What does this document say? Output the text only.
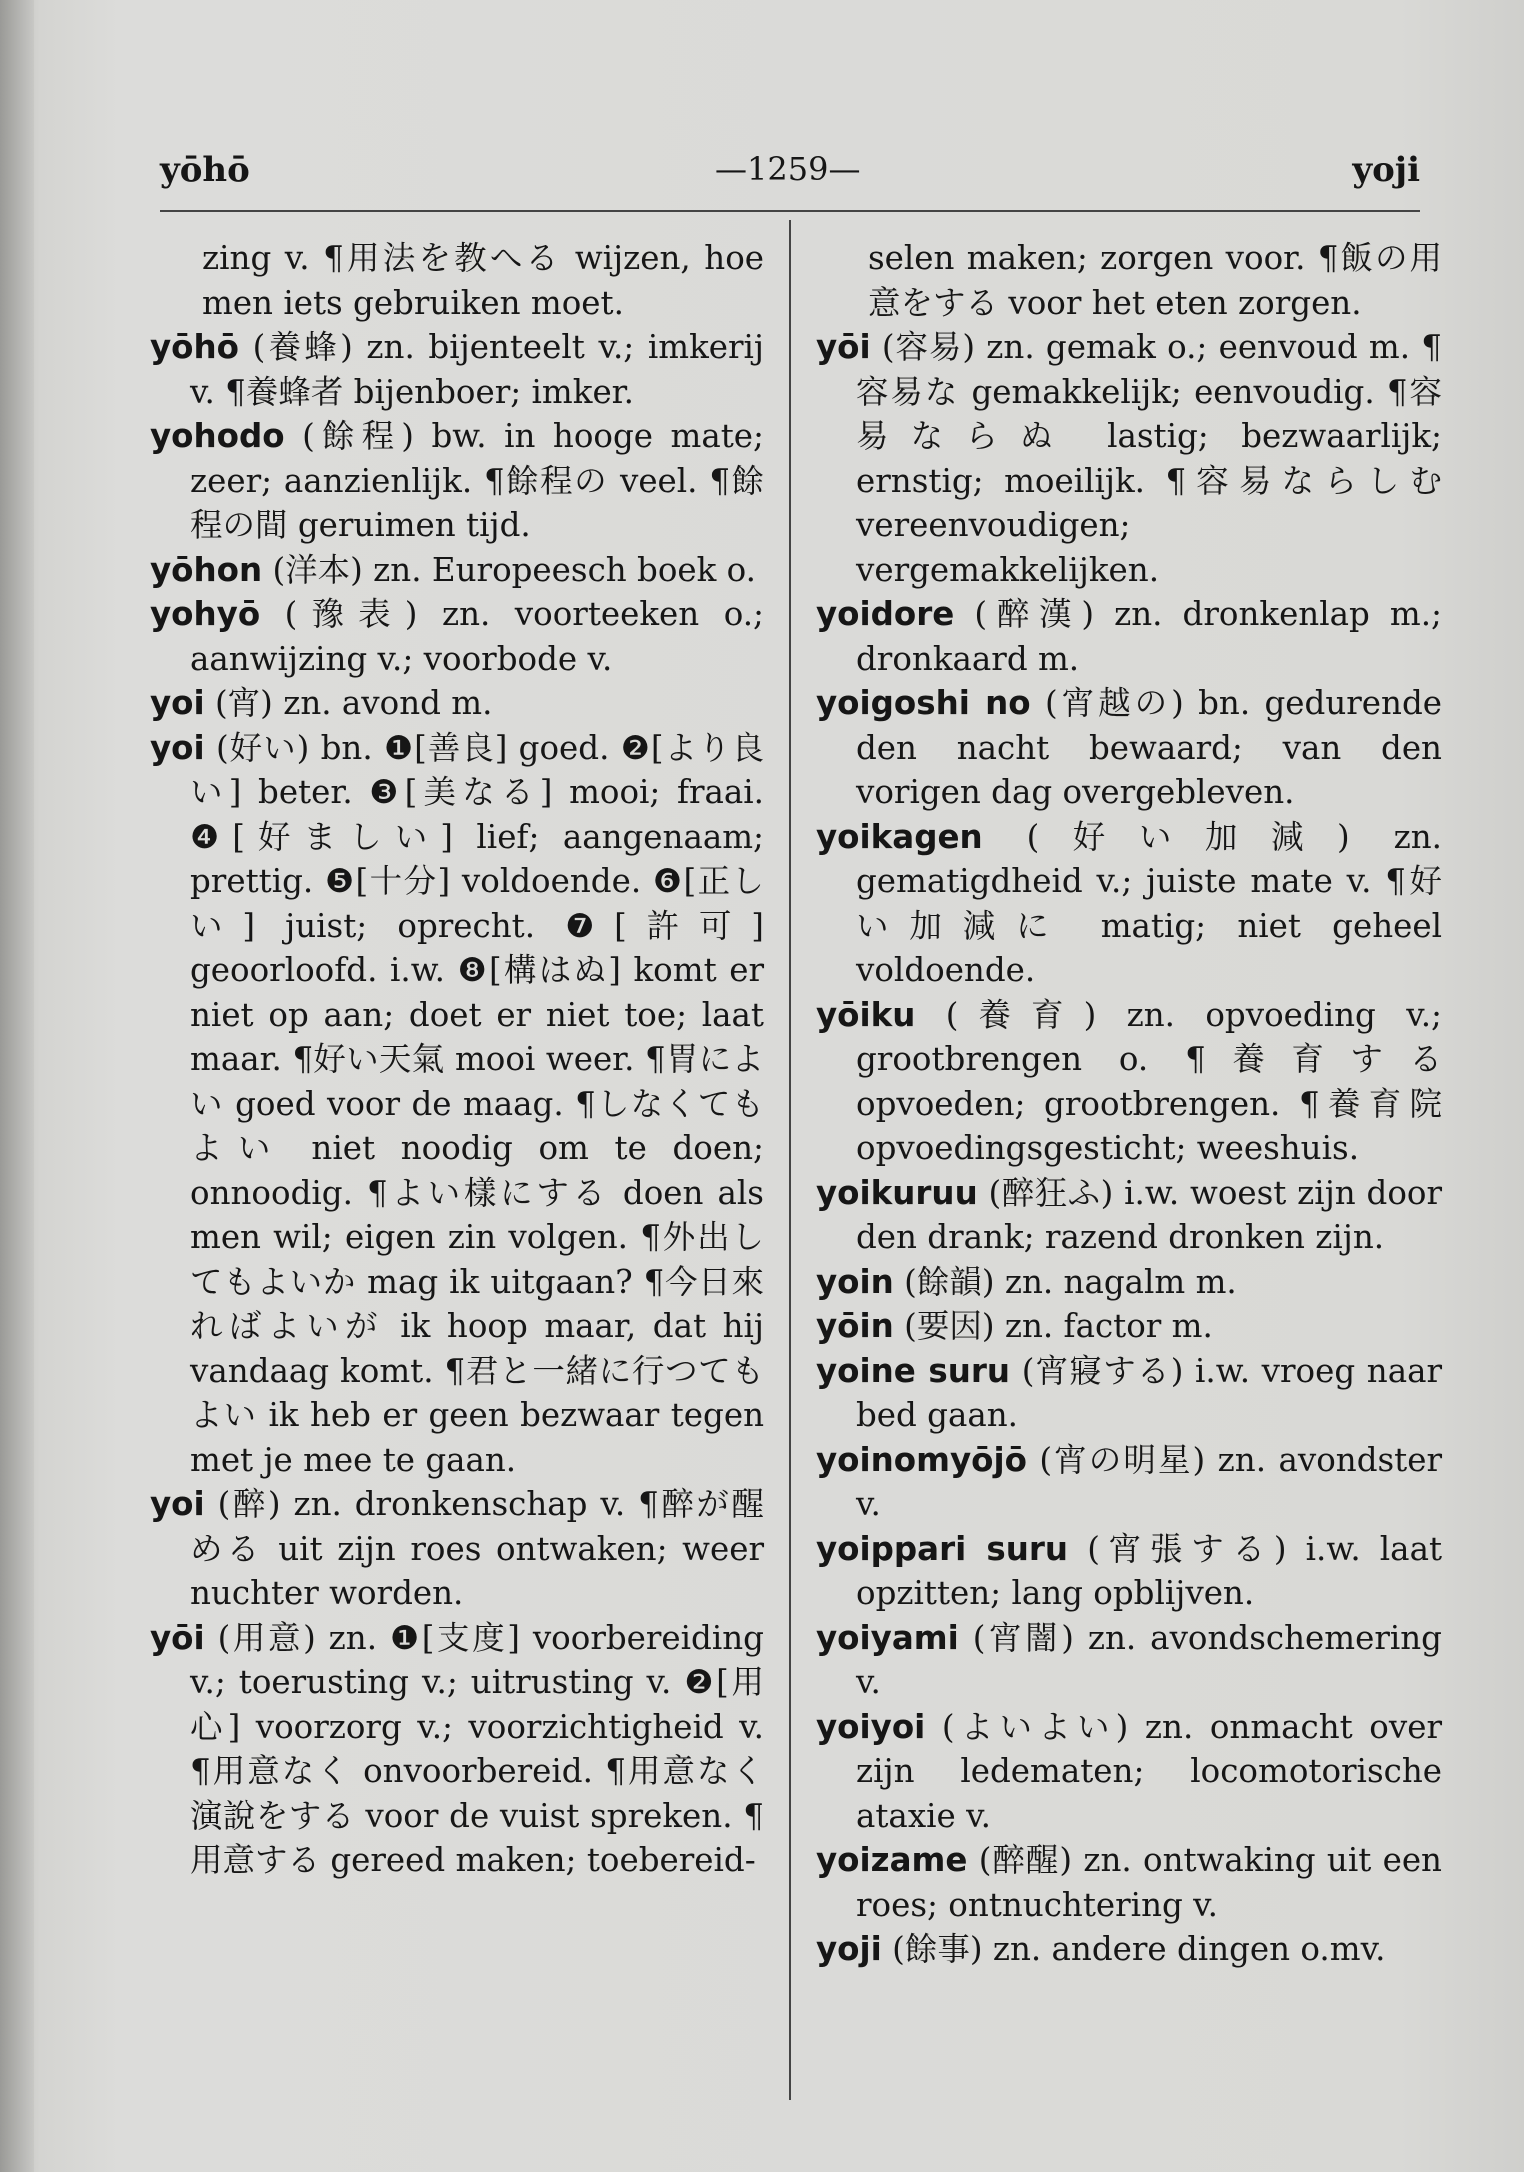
yōhō	—1259—	yoji

zing v. ¶用法を教へる wijzen, hoe men iets gebruiken moet.

yōhō (養蜂) zn. bijenteelt v.; imkerij v. ¶養蜂者 bijenboer; imker.

yohodo (餘程) bw. in hooge mate; zeer; aanzienlijk. ¶餘程の veel. ¶餘程の間 geruimen tijd.

yōhon (洋本) zn. Europeesch boek o.

yohyō (豫表) zn. voorteeken o.; aanwijzing v.; voorbode v.

yoi (宵) zn. avond m.

yoi (好い) bn. ❶[善良] goed. ❷[より良い] beter. ❸[美なる] mooi; fraai. ❹[好ましい] lief; aangenaam; prettig. ❺[十分] voldoende. ❻[正しい] juist; oprecht. ❼[許可] geoorloofd. i.w. ❽[構はぬ] komt er niet op aan; doet er niet toe; laat maar. ¶好い天氣 mooi weer. ¶胃によい goed voor de maag. ¶しなくてもよい niet noodig om te doen; onnoodig. ¶よい樣にする doen als men wil; eigen zin volgen. ¶外出してもよいか mag ik uitgaan? ¶今日來ればよいが ik hoop maar, dat hij vandaag komt. ¶君と一緒に行つてもよい ik heb er geen bezwaar tegen met je mee te gaan.

yoi (醉) zn. dronkenschap v. ¶醉が醒める uit zijn roes ontwaken; weer nuchter worden.

yōi (用意) zn. ❶[支度] voorbereiding v.; toerusting v.; uitrusting v. ❷[用心] voorzorg v.; voorzichtigheid v. ¶用意なく onvoorbereid. ¶用意なく演說をする voor de vuist spreken. ¶用意する gereed maken; toebereid-

selen maken; zorgen voor. ¶飯の用意をする voor het eten zorgen.

yōi (容易) zn. gemak o.; eenvoud m. ¶容易な gemakkelijk; eenvoudig. ¶容易ならぬ lastig; bezwaarlijk; ernstig; moeilijk. ¶容易ならしむ vereenvoudigen; vergemakkelijken.

yoidore (醉漢) zn. dronkenlap m.; dronkaard m.

yoigoshi no (宵越の) bn. gedurende den nacht bewaard; van den vorigen dag overgebleven.

yoikagen (好い加減) zn. gematigdheid v.; juiste mate v. ¶好い加減に matig; niet geheel voldoende.

yōiku (養育) zn. opvoeding v.; grootbrengen o. ¶養育する opvoeden; grootbrengen. ¶養育院 opvoedingsgesticht; weeshuis.

yoikuruu (醉狂ふ) i.w. woest zijn door den drank; razend dronken zijn.

yoin (餘韻) zn. nagalm m.

yōin (要因) zn. factor m.

yoine suru (宵寢する) i.w. vroeg naar bed gaan.

yoinomyōjō (宵の明星) zn. avondster v.

yoippari suru (宵張する) i.w. laat opzitten; lang opblijven.

yoiyami (宵闇) zn. avondschemering v.

yoiyoi (よいよい) zn. onmacht over zijn ledematen; locomotorische ataxie v.

yoizame (醉醒) zn. ontwaking uit een roes; ontnuchtering v.

yoji (餘事) zn. andere dingen o.mv.
